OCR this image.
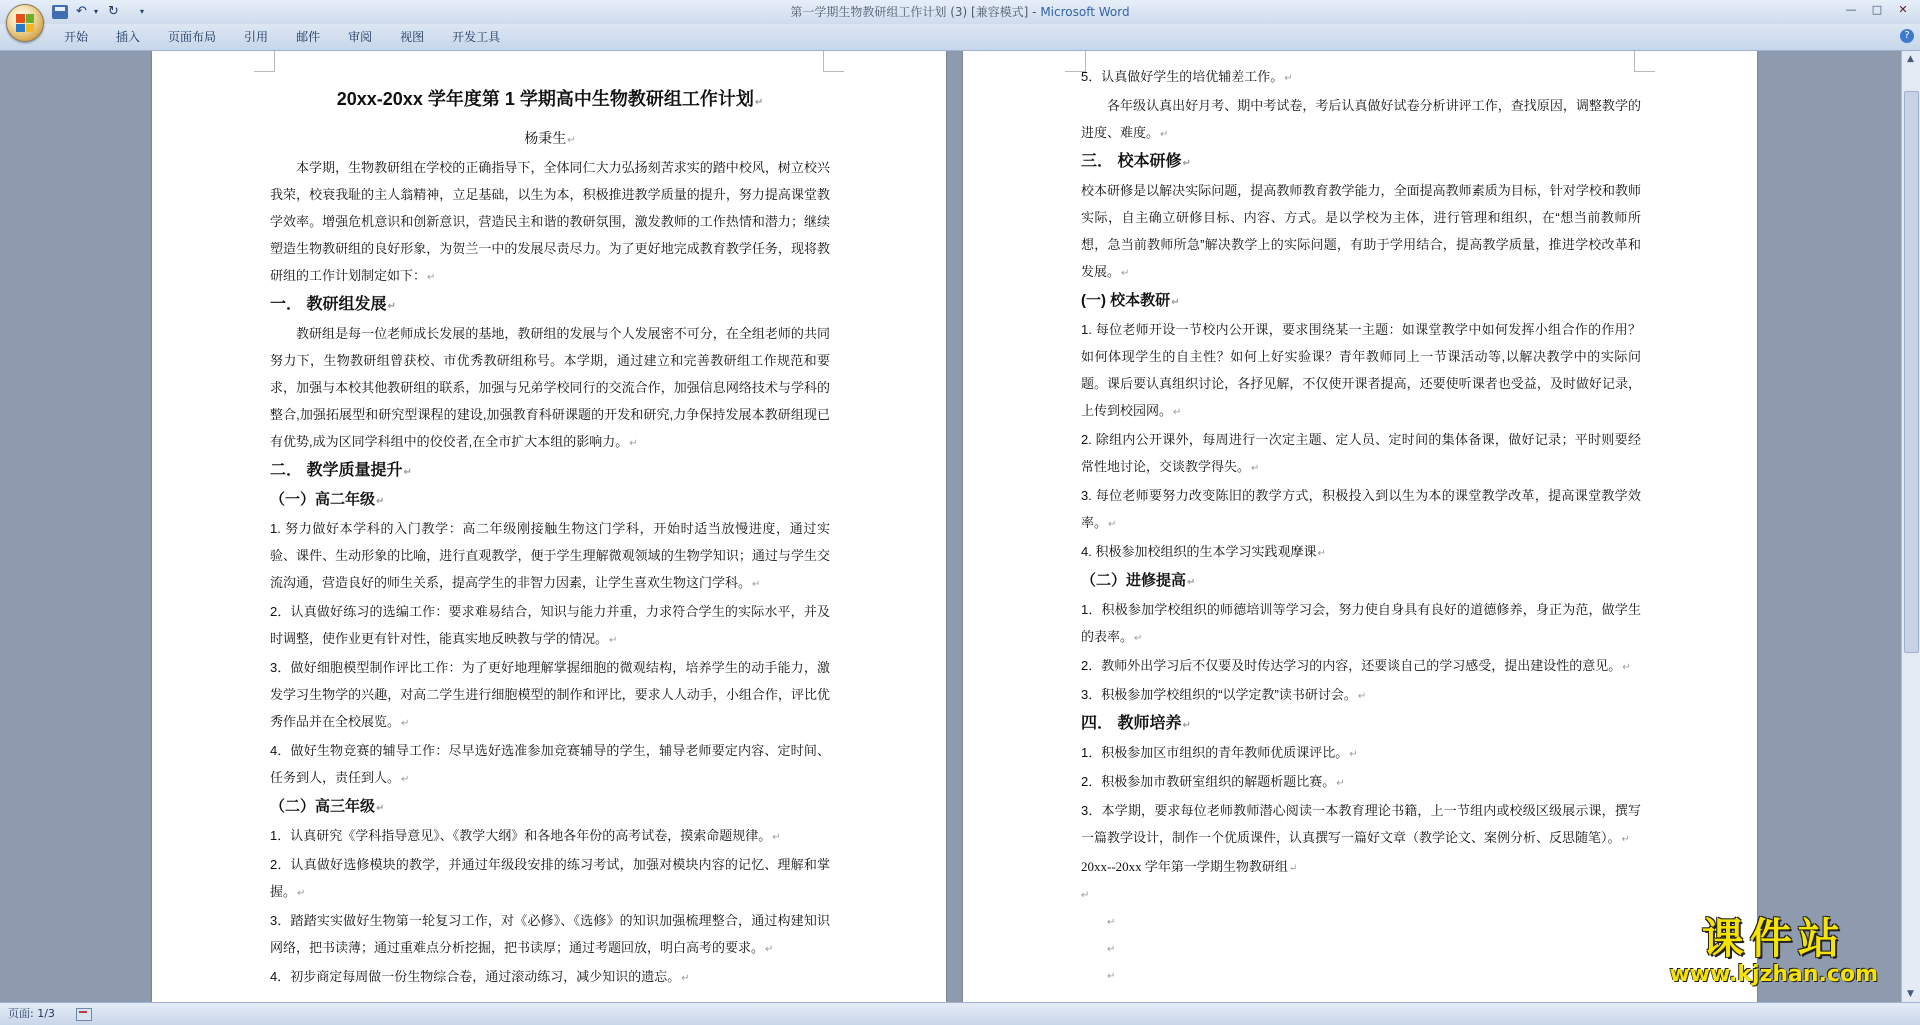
↶ ▾ ↻	▾	第一学期生物教研组工作计划 (3) [兼容模式] - Microsoft Word	—	□	✕
开始	插入	页面布局	引用	邮件	审阅	视图	开发工具	?

20xx-20xx 学年度第 1 学期高中生物教研组工作计划↵

杨秉生↵

本学期，生物教研组在学校的正确指导下，全体同仁大力弘扬刻苦求实的踏中校风，树立校兴我荣，校衰我耻的主人翁精神，立足基础，以生为本，积极推进教学质量的提升，努力提高课堂教学效率。增强危机意识和创新意识，营造民主和谐的教研氛围，激发教师的工作热情和潜力；继续塑造生物教研组的良好形象，为贺兰一中的发展尽责尽力。为了更好地完成教育教学任务，现将教研组的工作计划制定如下：↵

一． 教研组发展↵

教研组是每一位老师成长发展的基地，教研组的发展与个人发展密不可分，在全组老师的共同努力下，生物教研组曾获校、市优秀教研组称号。本学期，通过建立和完善教研组工作规范和要求，加强与本校其他教研组的联系，加强与兄弟学校同行的交流合作，加强信息网络技术与学科的整合,加强拓展型和研究型课程的建设,加强教育科研课题的开发和研究,力争保持发展本教研组现已有优势,成为区同学科组中的佼佼者,在全市扩大本组的影响力。↵

二． 教学质量提升↵

（一）高二年级↵

1. 努力做好本学科的入门教学：高二年级刚接触生物这门学科，开始时适当放慢进度，通过实验、课件、生动形象的比喻，进行直观教学，便于学生理解微观领域的生物学知识；通过与学生交流沟通，营造良好的师生关系，提高学生的非智力因素，让学生喜欢生物这门学科。↵

2．认真做好练习的选编工作：要求难易结合，知识与能力并重，力求符合学生的实际水平，并及时调整，使作业更有针对性，能真实地反映教与学的情况。↵

3．做好细胞模型制作评比工作：为了更好地理解掌握细胞的微观结构，培养学生的动手能力，激发学习生物学的兴趣，对高二学生进行细胞模型的制作和评比，要求人人动手，小组合作，评比优秀作品并在全校展览。↵

4．做好生物竞赛的辅导工作：尽早选好选准参加竞赛辅导的学生，辅导老师要定内容、定时间、任务到人，责任到人。↵

（二）高三年级↵

1．认真研究《学科指导意见》、《教学大纲》和各地各年份的高考试卷，摸索命题规律。↵

2．认真做好选修模块的教学，并通过年级段安排的练习考试，加强对模块内容的记忆、理解和掌握。↵

3．踏踏实实做好生物第一轮复习工作，对《必修》、《选修》的知识加强梳理整合，通过构建知识网络，把书读薄；通过重难点分析挖掘，把书读厚；通过考题回放，明白高考的要求。↵

4．初步商定每周做一份生物综合卷，通过滚动练习，减少知识的遗忘。↵

5．认真做好学生的培优辅差工作。↵

各年级认真出好月考、期中考试卷，考后认真做好试卷分析讲评工作，查找原因，调整教学的进度、难度。↵

三． 校本研修↵

校本研修是以解决实际问题，提高教师教育教学能力，全面提高教师素质为目标，针对学校和教师实际，自主确立研修目标、内容、方式。是以学校为主体，进行管理和组织，在“想当前教师所想，急当前教师所急”解决教学上的实际问题，有助于学用结合，提高教学质量，推进学校改革和发展。↵

(一) 校本教研↵

1. 每位老师开设一节校内公开课，要求围绕某一主题：如课堂教学中如何发挥小组合作的作用？如何体现学生的自主性？如何上好实验课？青年教师同上一节课活动等,以解决教学中的实际问题。课后要认真组织讨论，各抒见解，不仅使开课者提高，还要使听课者也受益，及时做好记录，上传到校园网。↵

2. 除组内公开课外，每周进行一次定主题、定人员、定时间的集体备课，做好记录；平时则要经常性地讨论，交谈教学得失。↵

3. 每位老师要努力改变陈旧的教学方式，积极投入到以生为本的课堂教学改革，提高课堂教学效率。↵

4. 积极参加校组织的生本学习实践观摩课↵

（二）进修提高↵

1．积极参加学校组织的师德培训等学习会，努力使自身具有良好的道德修养，身正为范，做学生的表率。↵

2．教师外出学习后不仅要及时传达学习的内容，还要谈自己的学习感受，提出建设性的意见。↵

3．积极参加学校组织的“以学定教”读书研讨会。↵

四． 教师培养↵

1．积极参加区市组织的青年教师优质课评比。↵

2．积极参加市教研室组织的解题析题比赛。↵

3．本学期，要求每位老师教师潜心阅读一本教育理论书籍，上一节组内或校级区级展示课，撰写一篇教学设计，制作一个优质课件，认真撰写一篇好文章（教学论文、案例分析、反思随笔）。↵

20xx--20xx 学年第一学期生物教研组↵

↵

↵

↵

↵

课件站
www.kjzhan.com
▲
▼
页面: 1/3
